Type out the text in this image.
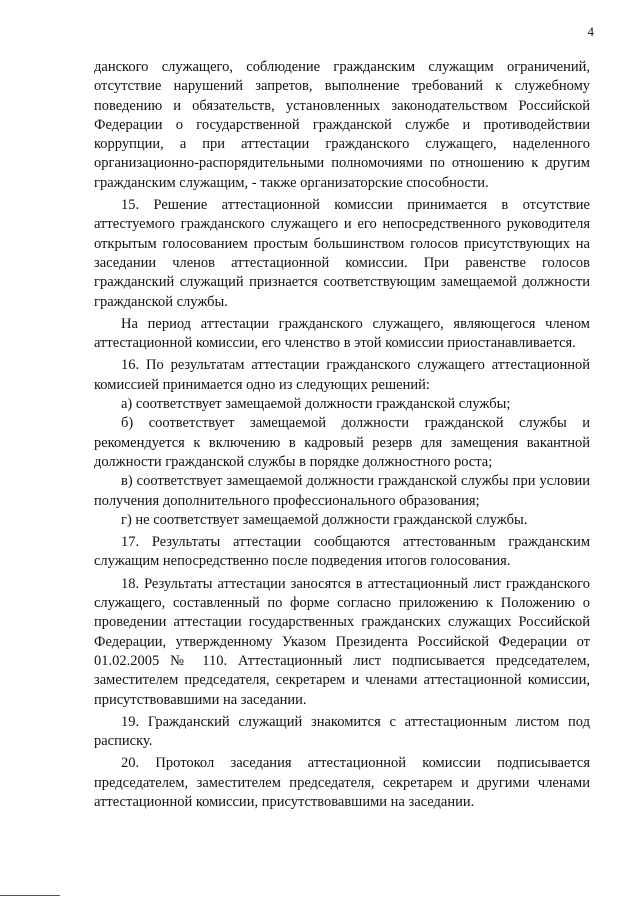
4

данского служащего, соблюдение гражданским служащим ограничений, отсутствие нарушений запретов, выполнение требований к служебному поведению и обязательств, установленных законодательством Российской Федерации о государственной гражданской службе и противодействии коррупции, а при аттестации гражданского служащего, наделенного организационно-распорядительными полномочиями по отношению к другим гражданским служащим, - также организаторские способности.

15. Решение аттестационной комиссии принимается в отсутствие аттестуемого гражданского служащего и его непосредственного руководителя открытым голосованием простым большинством голосов присутствующих на заседании членов аттестационной комиссии. При равенстве голосов гражданский служащий признается соответствующим замещаемой должности гражданской службы.

На период аттестации гражданского служащего, являющегося членом аттестационной комиссии, его членство в этой комиссии приостанавливается.

16. По результатам аттестации гражданского служащего аттестационной комиссией принимается одно из следующих решений:

а) соответствует замещаемой должности гражданской службы;

б) соответствует замещаемой должности гражданской службы и рекомендуется к включению в кадровый резерв для замещения вакантной должности гражданской службы в порядке должностного роста;

в) соответствует замещаемой должности гражданской службы при условии получения дополнительного профессионального образования;

г) не соответствует замещаемой должности гражданской службы.

17. Результаты аттестации сообщаются аттестованным гражданским служащим непосредственно после подведения итогов голосования.

18. Результаты аттестации заносятся в аттестационный лист гражданского служащего, составленный по форме согласно приложению к Положению о проведении аттестации государственных гражданских служащих Российской Федерации, утвержденному Указом Президента Российской Федерации от 01.02.2005 № 110. Аттестационный лист подписывается председателем, заместителем председателя, секретарем и членами аттестационной комиссии, присутствовавшими на заседании.

19. Гражданский служащий знакомится с аттестационным листом под расписку.

20. Протокол заседания аттестационной комиссии подписывается председателем, заместителем председателя, секретарем и другими членами аттестационной комиссии, присутствовавшими на заседании.
